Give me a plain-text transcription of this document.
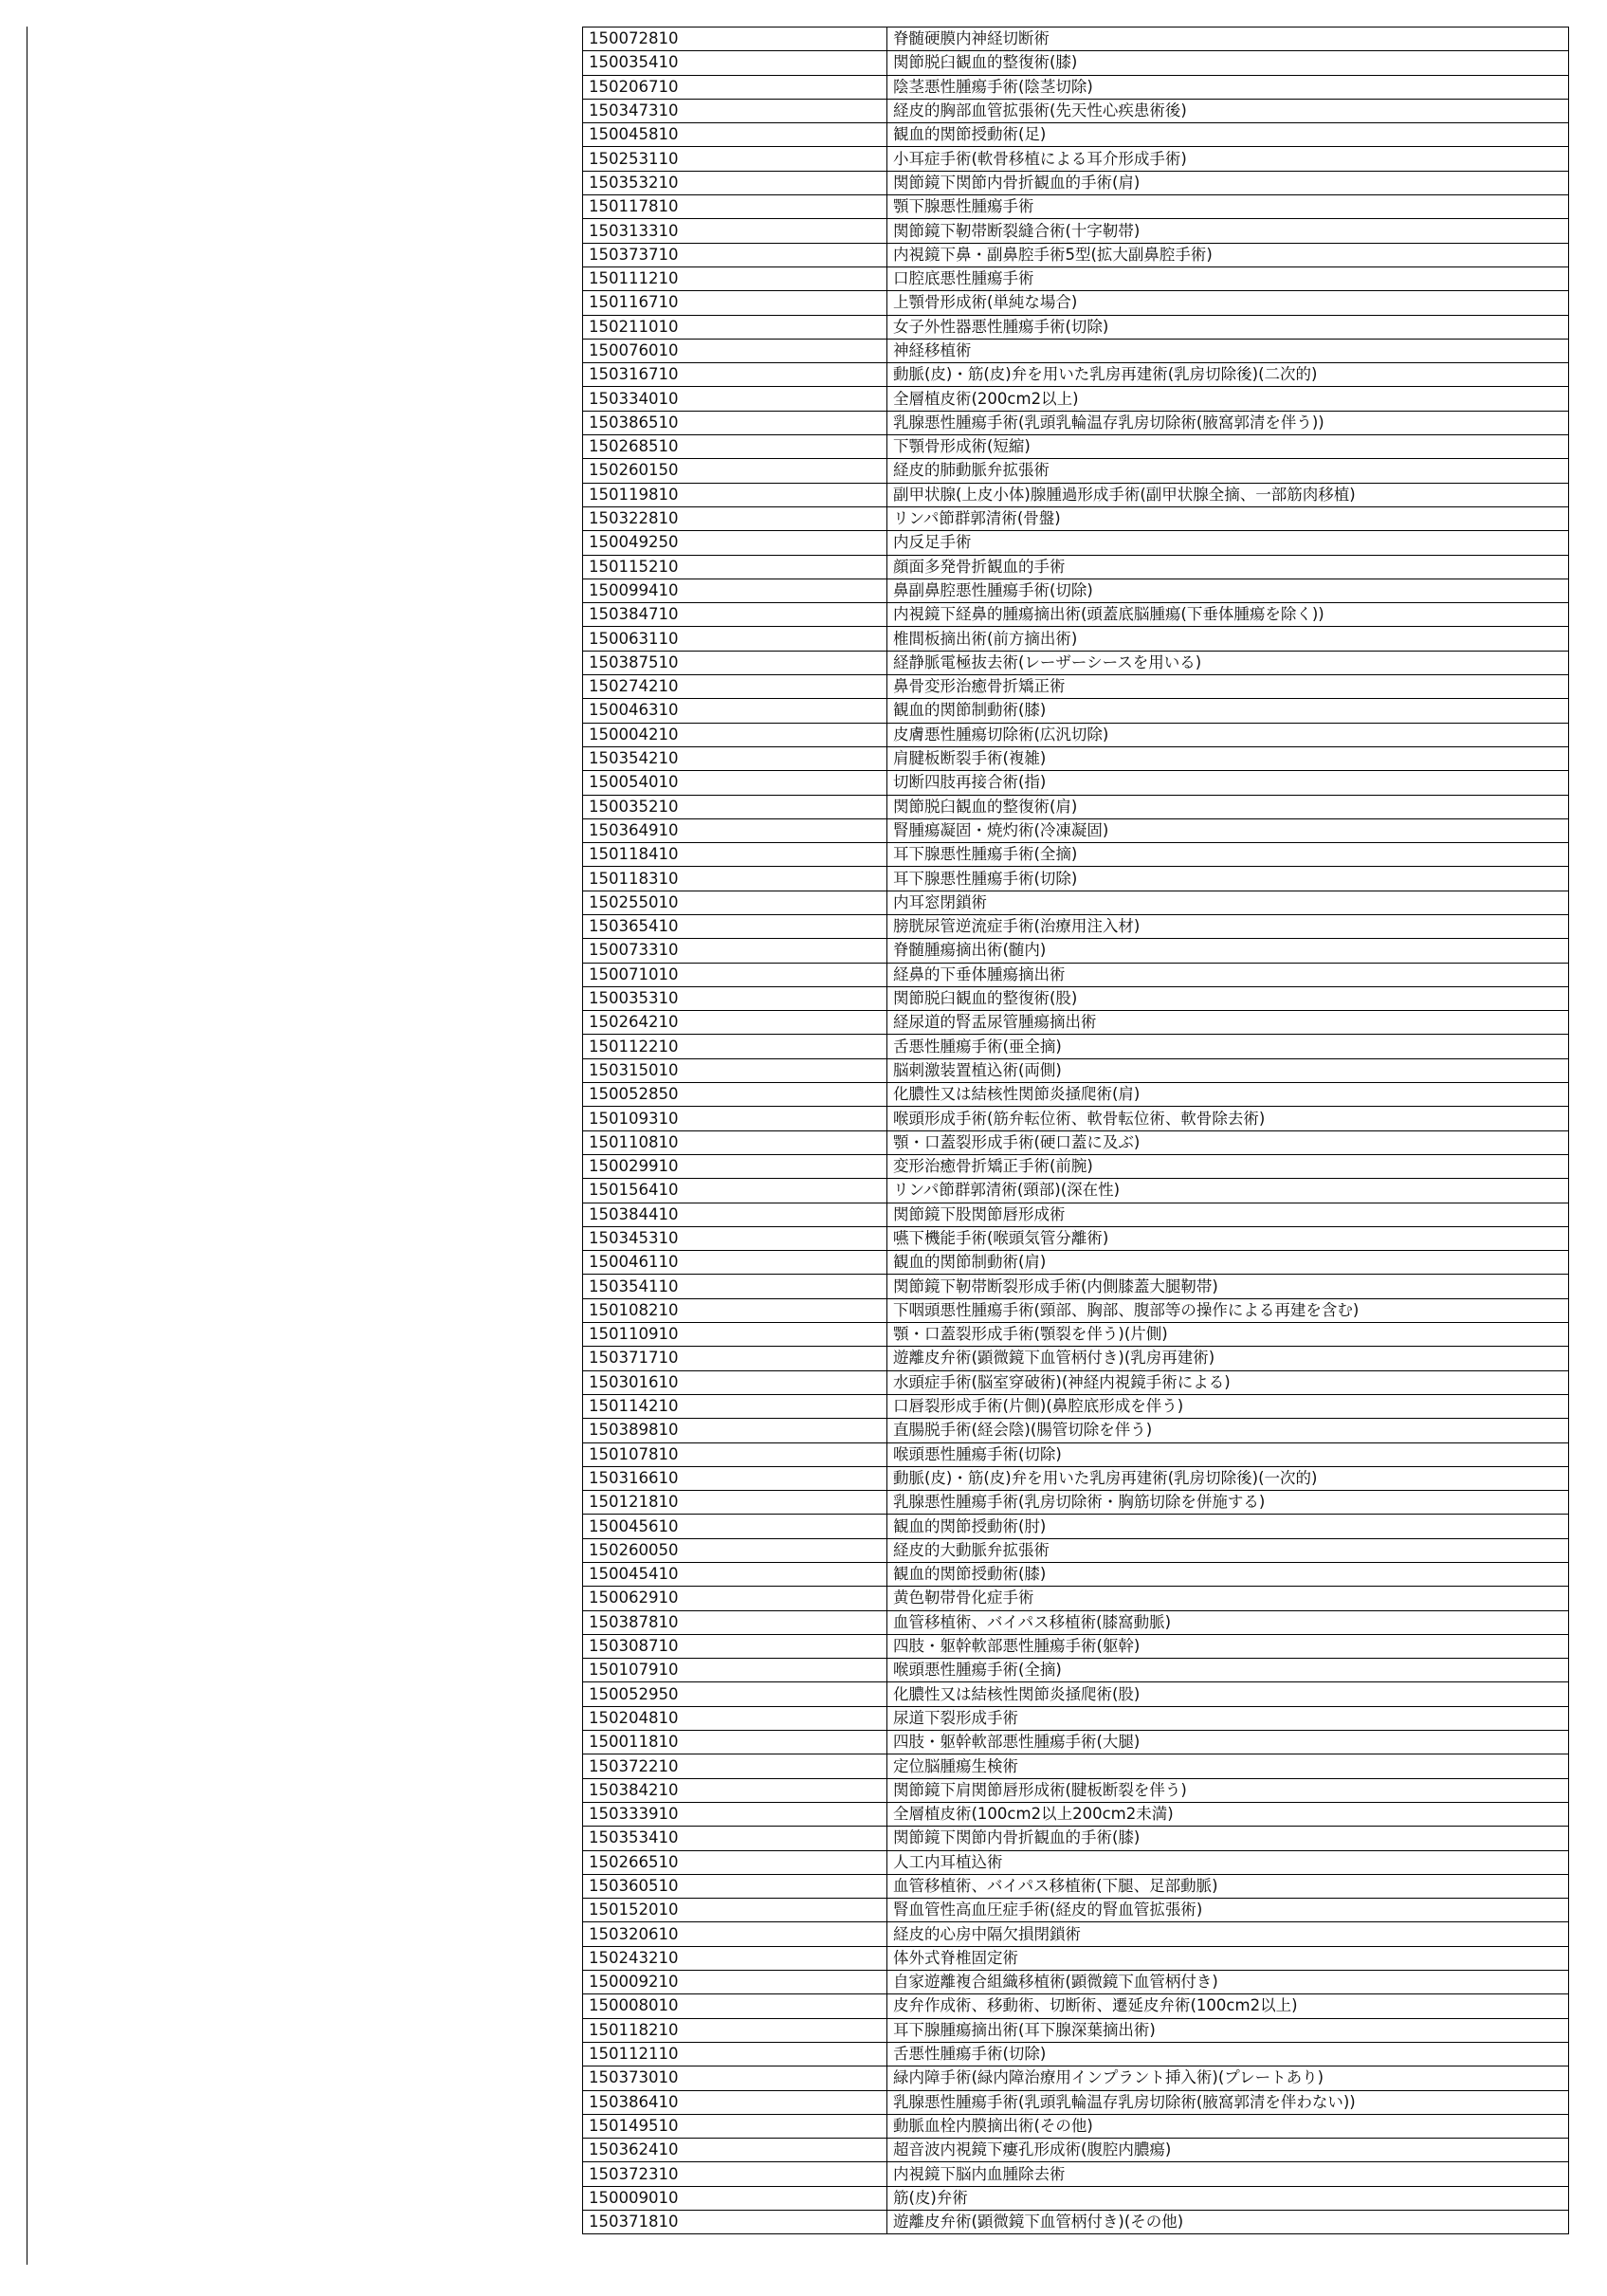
150072810	脊髄硬膜内神経切断術
150035410	関節脱臼観血的整復術(膝)
150206710	陰茎悪性腫瘍手術(陰茎切除)
150347310	経皮的胸部血管拡張術(先天性心疾患術後)
150045810	観血的関節授動術(足)
150253110	小耳症手術(軟骨移植による耳介形成手術)
150353210	関節鏡下関節内骨折観血的手術(肩)
150117810	顎下腺悪性腫瘍手術
150313310	関節鏡下靭帯断裂縫合術(十字靭帯)
150373710	内視鏡下鼻・副鼻腔手術5型(拡大副鼻腔手術)
150111210	口腔底悪性腫瘍手術
150116710	上顎骨形成術(単純な場合)
150211010	女子外性器悪性腫瘍手術(切除)
150076010	神経移植術
150316710	動脈(皮)・筋(皮)弁を用いた乳房再建術(乳房切除後)(二次的)
150334010	全層植皮術(200cm2以上)
150386510	乳腺悪性腫瘍手術(乳頭乳輪温存乳房切除術(腋窩郭清を伴う))
150268510	下顎骨形成術(短縮)
150260150	経皮的肺動脈弁拡張術
150119810	副甲状腺(上皮小体)腺腫過形成手術(副甲状腺全摘、一部筋肉移植)
150322810	リンパ節群郭清術(骨盤)
150049250	内反足手術
150115210	顔面多発骨折観血的手術
150099410	鼻副鼻腔悪性腫瘍手術(切除)
150384710	内視鏡下経鼻的腫瘍摘出術(頭蓋底脳腫瘍(下垂体腫瘍を除く))
150063110	椎間板摘出術(前方摘出術)
150387510	経静脈電極抜去術(レーザーシースを用いる)
150274210	鼻骨変形治癒骨折矯正術
150046310	観血的関節制動術(膝)
150004210	皮膚悪性腫瘍切除術(広汎切除)
150354210	肩腱板断裂手術(複雑)
150054010	切断四肢再接合術(指)
150035210	関節脱臼観血的整復術(肩)
150364910	腎腫瘍凝固・焼灼術(冷凍凝固)
150118410	耳下腺悪性腫瘍手術(全摘)
150118310	耳下腺悪性腫瘍手術(切除)
150255010	内耳窓閉鎖術
150365410	膀胱尿管逆流症手術(治療用注入材)
150073310	脊髄腫瘍摘出術(髄内)
150071010	経鼻的下垂体腫瘍摘出術
150035310	関節脱臼観血的整復術(股)
150264210	経尿道的腎盂尿管腫瘍摘出術
150112210	舌悪性腫瘍手術(亜全摘)
150315010	脳刺激装置植込術(両側)
150052850	化膿性又は結核性関節炎掻爬術(肩)
150109310	喉頭形成手術(筋弁転位術、軟骨転位術、軟骨除去術)
150110810	顎・口蓋裂形成手術(硬口蓋に及ぶ)
150029910	変形治癒骨折矯正手術(前腕)
150156410	リンパ節群郭清術(頸部)(深在性)
150384410	関節鏡下股関節唇形成術
150345310	嚥下機能手術(喉頭気管分離術)
150046110	観血的関節制動術(肩)
150354110	関節鏡下靭帯断裂形成手術(内側膝蓋大腿靭帯)
150108210	下咽頭悪性腫瘍手術(頸部、胸部、腹部等の操作による再建を含む)
150110910	顎・口蓋裂形成手術(顎裂を伴う)(片側)
150371710	遊離皮弁術(顕微鏡下血管柄付き)(乳房再建術)
150301610	水頭症手術(脳室穿破術)(神経内視鏡手術による)
150114210	口唇裂形成手術(片側)(鼻腔底形成を伴う)
150389810	直腸脱手術(経会陰)(腸管切除を伴う)
150107810	喉頭悪性腫瘍手術(切除)
150316610	動脈(皮)・筋(皮)弁を用いた乳房再建術(乳房切除後)(一次的)
150121810	乳腺悪性腫瘍手術(乳房切除術・胸筋切除を併施する)
150045610	観血的関節授動術(肘)
150260050	経皮的大動脈弁拡張術
150045410	観血的関節授動術(膝)
150062910	黄色靭帯骨化症手術
150387810	血管移植術、バイパス移植術(膝窩動脈)
150308710	四肢・躯幹軟部悪性腫瘍手術(躯幹)
150107910	喉頭悪性腫瘍手術(全摘)
150052950	化膿性又は結核性関節炎掻爬術(股)
150204810	尿道下裂形成手術
150011810	四肢・躯幹軟部悪性腫瘍手術(大腿)
150372210	定位脳腫瘍生検術
150384210	関節鏡下肩関節唇形成術(腱板断裂を伴う)
150333910	全層植皮術(100cm2以上200cm2未満)
150353410	関節鏡下関節内骨折観血的手術(膝)
150266510	人工内耳植込術
150360510	血管移植術、バイパス移植術(下腿、足部動脈)
150152010	腎血管性高血圧症手術(経皮的腎血管拡張術)
150320610	経皮的心房中隔欠損閉鎖術
150243210	体外式脊椎固定術
150009210	自家遊離複合組織移植術(顕微鏡下血管柄付き)
150008010	皮弁作成術、移動術、切断術、遷延皮弁術(100cm2以上)
150118210	耳下腺腫瘍摘出術(耳下腺深葉摘出術)
150112110	舌悪性腫瘍手術(切除)
150373010	緑内障手術(緑内障治療用インプラント挿入術)(プレートあり)
150386410	乳腺悪性腫瘍手術(乳頭乳輪温存乳房切除術(腋窩郭清を伴わない))
150149510	動脈血栓内膜摘出術(その他)
150362410	超音波内視鏡下瘻孔形成術(腹腔内膿瘍)
150372310	内視鏡下脳内血腫除去術
150009010	筋(皮)弁術
150371810	遊離皮弁術(顕微鏡下血管柄付き)(その他)
